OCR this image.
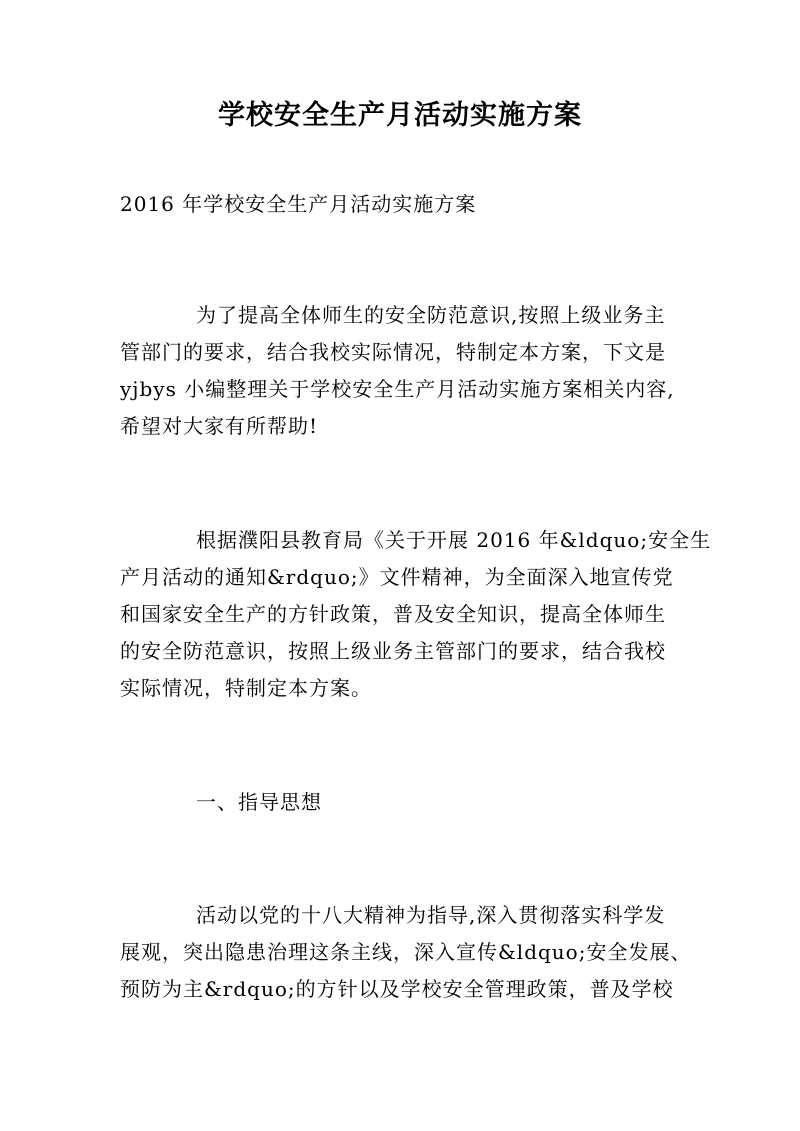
学校安全生产月活动实施方案

2016 年学校安全生产月活动实施方案

为了提高全体师生的安全防范意识,按照上级业务主
管部门的要求，结合我校实际情况，特制定本方案，下文是
yjbys 小编整理关于学校安全生产月活动实施方案相关内容,
希望对大家有所帮助!
根据濮阳县教育局《关于开展 2016 年&ldquo;安全生
产月活动的通知&rdquo;》文件精神，为全面深入地宣传党
和国家安全生产的方针政策，普及安全知识，提高全体师生
的安全防范意识，按照上级业务主管部门的要求，结合我校
实际情况，特制定本方案。

一、指导思想

活动以党的十八大精神为指导,深入贯彻落实科学发
展观，突出隐患治理这条主线，深入宣传&ldquo;安全发展、
预防为主&rdquo;的方针以及学校安全管理政策，普及学校
